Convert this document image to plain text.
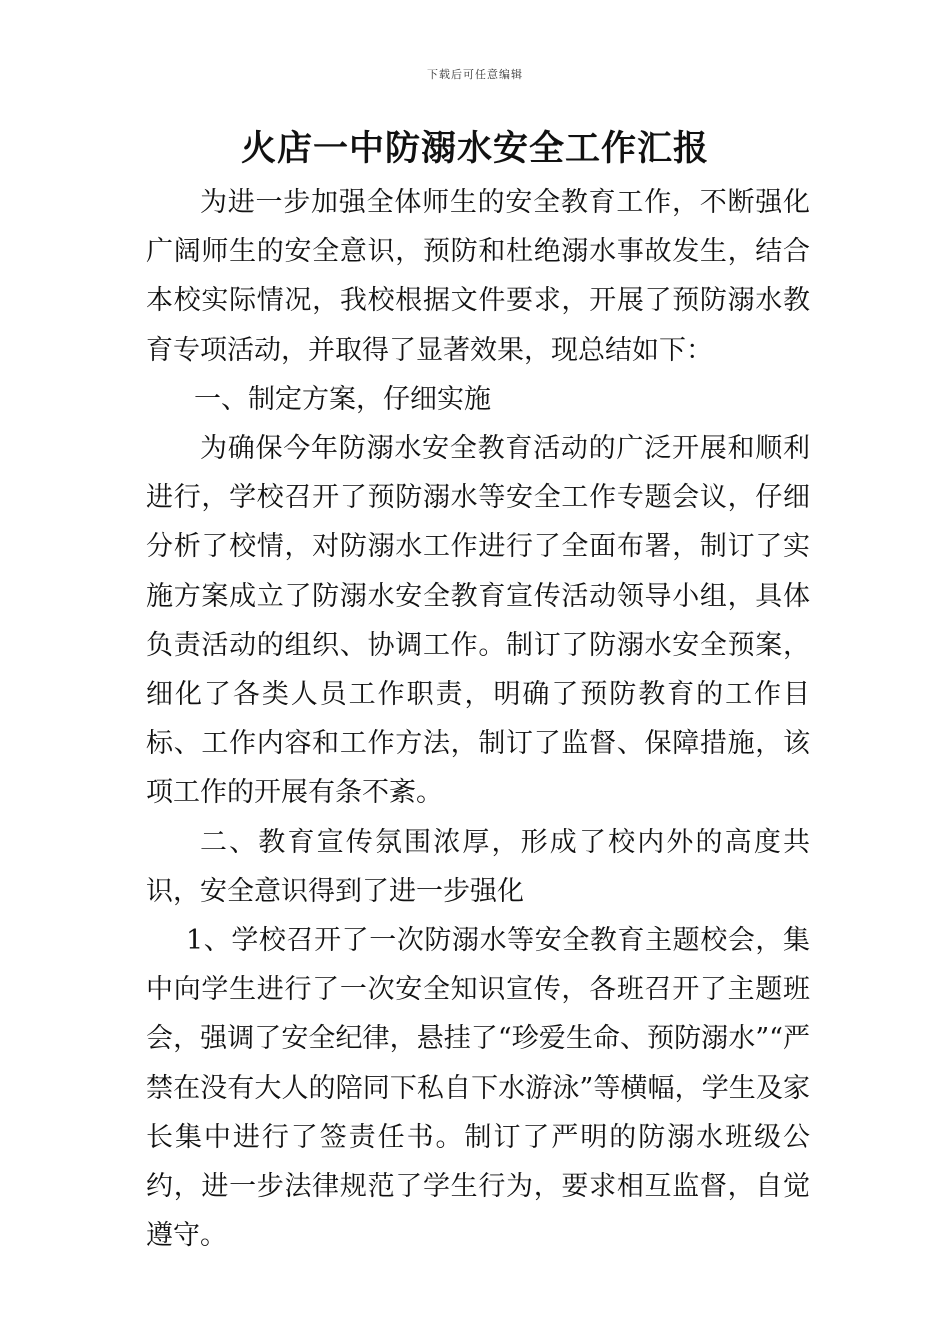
下载后可任意编辑
火店一中防溺水安全工作汇报

为进一步加强全体师生的安全教育工作，不断强化广阔师生的安全意识，预防和杜绝溺水事故发生，结合本校实际情况，我校根据文件要求，开展了预防溺水教育专项活动，并取得了显著效果，现总结如下：

一、制定方案，仔细实施

为确保今年防溺水安全教育活动的广泛开展和顺利进行，学校召开了预防溺水等安全工作专题会议，仔细分析了校情，对防溺水工作进行了全面布署，制订了实施方案成立了防溺水安全教育宣传活动领导小组，具体负责活动的组织、协调工作。制订了防溺水安全预案，细化了各类人员工作职责，明确了预防教育的工作目标、工作内容和工作方法，制订了监督、保障措施，该项工作的开展有条不紊。

二、教育宣传氛围浓厚，形成了校内外的高度共识，安全意识得到了进一步强化

1、学校召开了一次防溺水等安全教育主题校会，集中向学生进行了一次安全知识宣传，各班召开了主题班会，强调了安全纪律，悬挂了“珍爱生命、预防溺水”“严禁在没有大人的陪同下私自下水游泳”等横幅，学生及家长集中进行了签责任书。制订了严明的防溺水班级公约，进一步法律规范了学生行为，要求相互监督，自觉遵守。
